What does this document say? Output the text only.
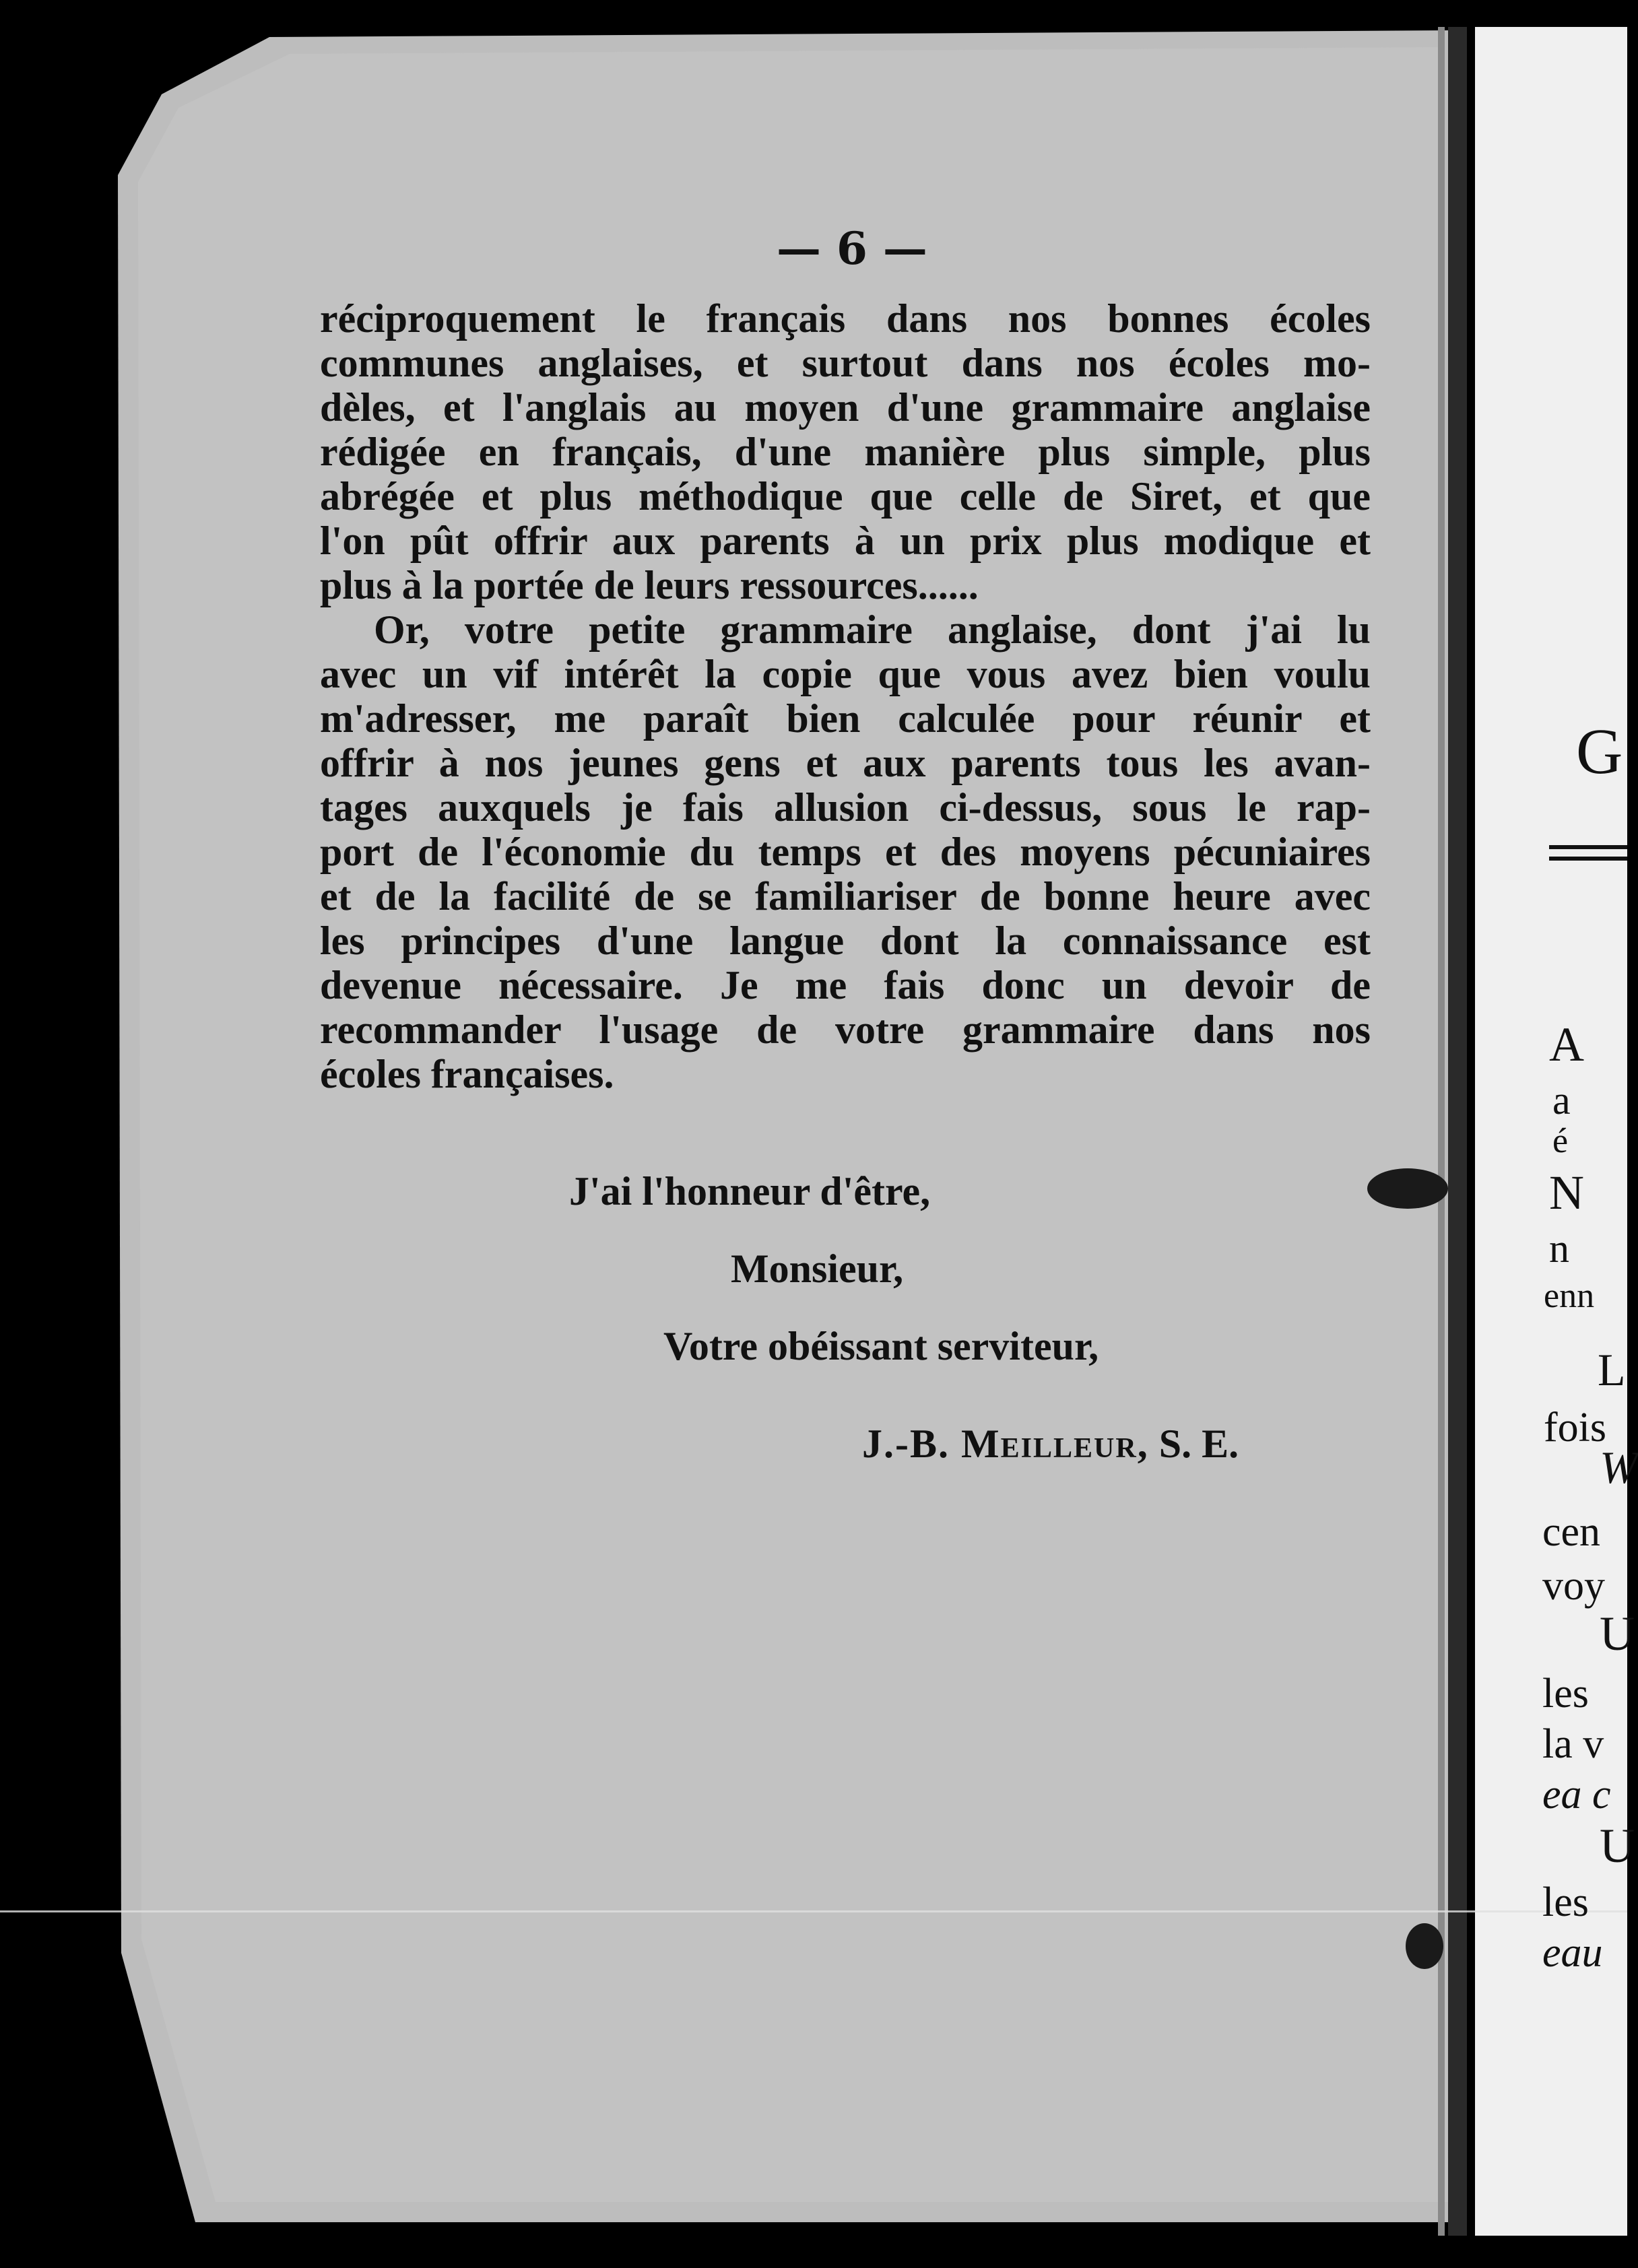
— 6 —
réciproquement le français dans nos bonnes écoles
communes anglaises, et surtout dans nos écoles mo-
dèles, et l'anglais au moyen d'une grammaire anglaise
rédigée en français, d'une manière plus simple, plus
abrégée et plus méthodique que celle de Siret, et que
l'on pût offrir aux parents à un prix plus modique et
plus à la portée de leurs ressources......
Or, votre petite grammaire anglaise, dont j'ai lu
avec un vif intérêt la copie que vous avez bien voulu
m'adresser, me paraît bien calculée pour réunir et
offrir à nos jeunes gens et aux parents tous les avan-
tages auxquels je fais allusion ci-dessus, sous le rap-
port de l'économie du temps et des moyens pécuniaires
et de la facilité de se familiariser de bonne heure avec
les principes d'une langue dont la connaissance est
devenue nécessaire. Je me fais donc un devoir de
recommander l'usage de votre grammaire dans nos
écoles françaises.
J'ai l'honneur d'être,
Monsieur,
Votre obéissant serviteur,
J.-B. Meilleur, S. E.
G
A
a
é
N
n
enn
L
fois
W
cen
voy
U
les
la v
ea c
U
les
eau
